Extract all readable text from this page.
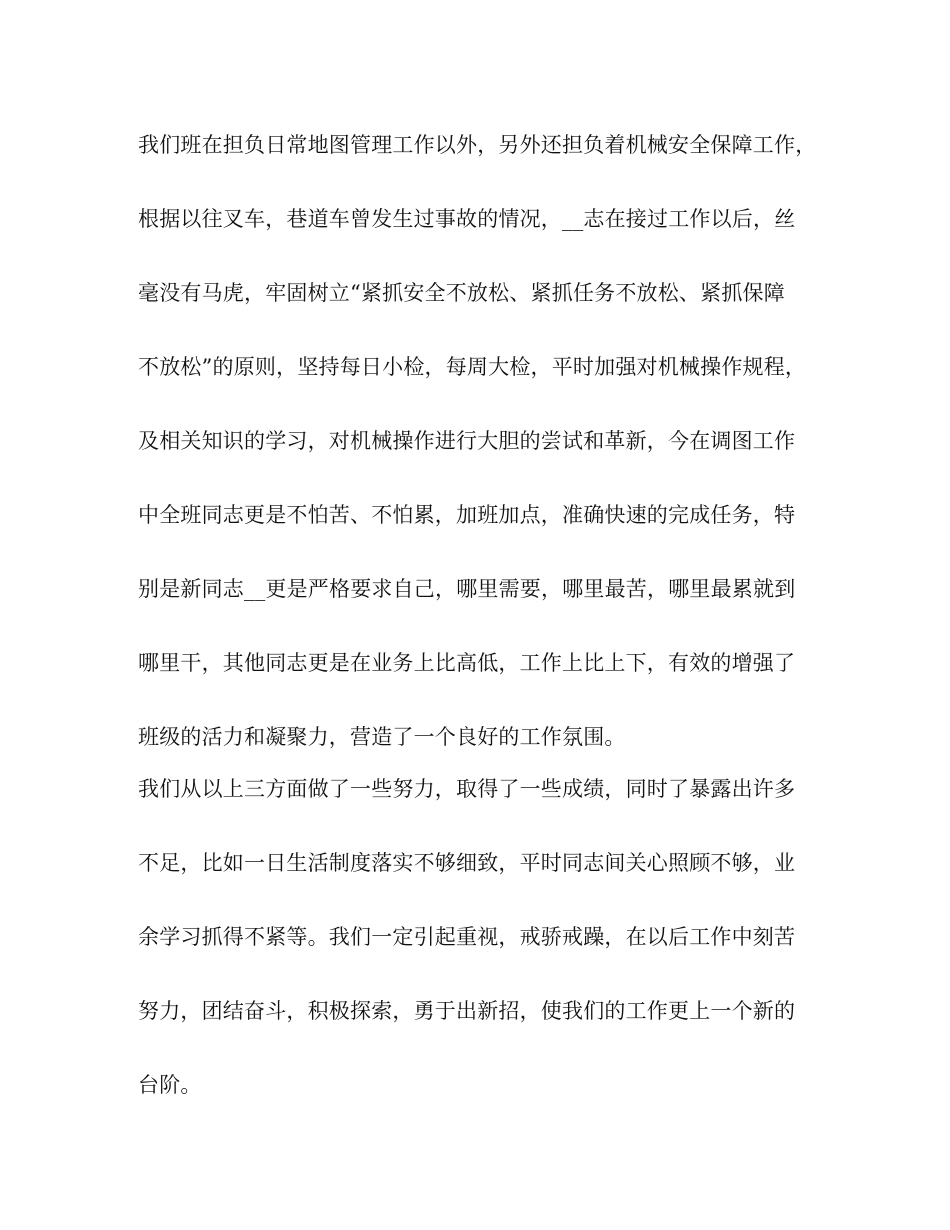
我们班在担负日常地图管理工作以外，另外还担负着机械安全保障工作，
根据以往叉车，巷道车曾发生过事故的情况，__志在接过工作以后，丝
毫没有马虎，牢固树立“紧抓安全不放松、紧抓任务不放松、紧抓保障
不放松”的原则，坚持每日小检，每周大检，平时加强对机械操作规程，
及相关知识的学习，对机械操作进行大胆的尝试和革新，今在调图工作
中全班同志更是不怕苦、不怕累，加班加点，准确快速的完成任务，特
别是新同志__更是严格要求自己，哪里需要，哪里最苦，哪里最累就到
哪里干，其他同志更是在业务上比高低，工作上比上下，有效的增强了
班级的活力和凝聚力，营造了一个良好的工作氛围。
我们从以上三方面做了一些努力，取得了一些成绩，同时了暴露出许多
不足，比如一日生活制度落实不够细致，平时同志间关心照顾不够，业
余学习抓得不紧等。我们一定引起重视，戒骄戒躁，在以后工作中刻苦
努力，团结奋斗，积极探索，勇于出新招，使我们的工作更上一个新的
台阶。
